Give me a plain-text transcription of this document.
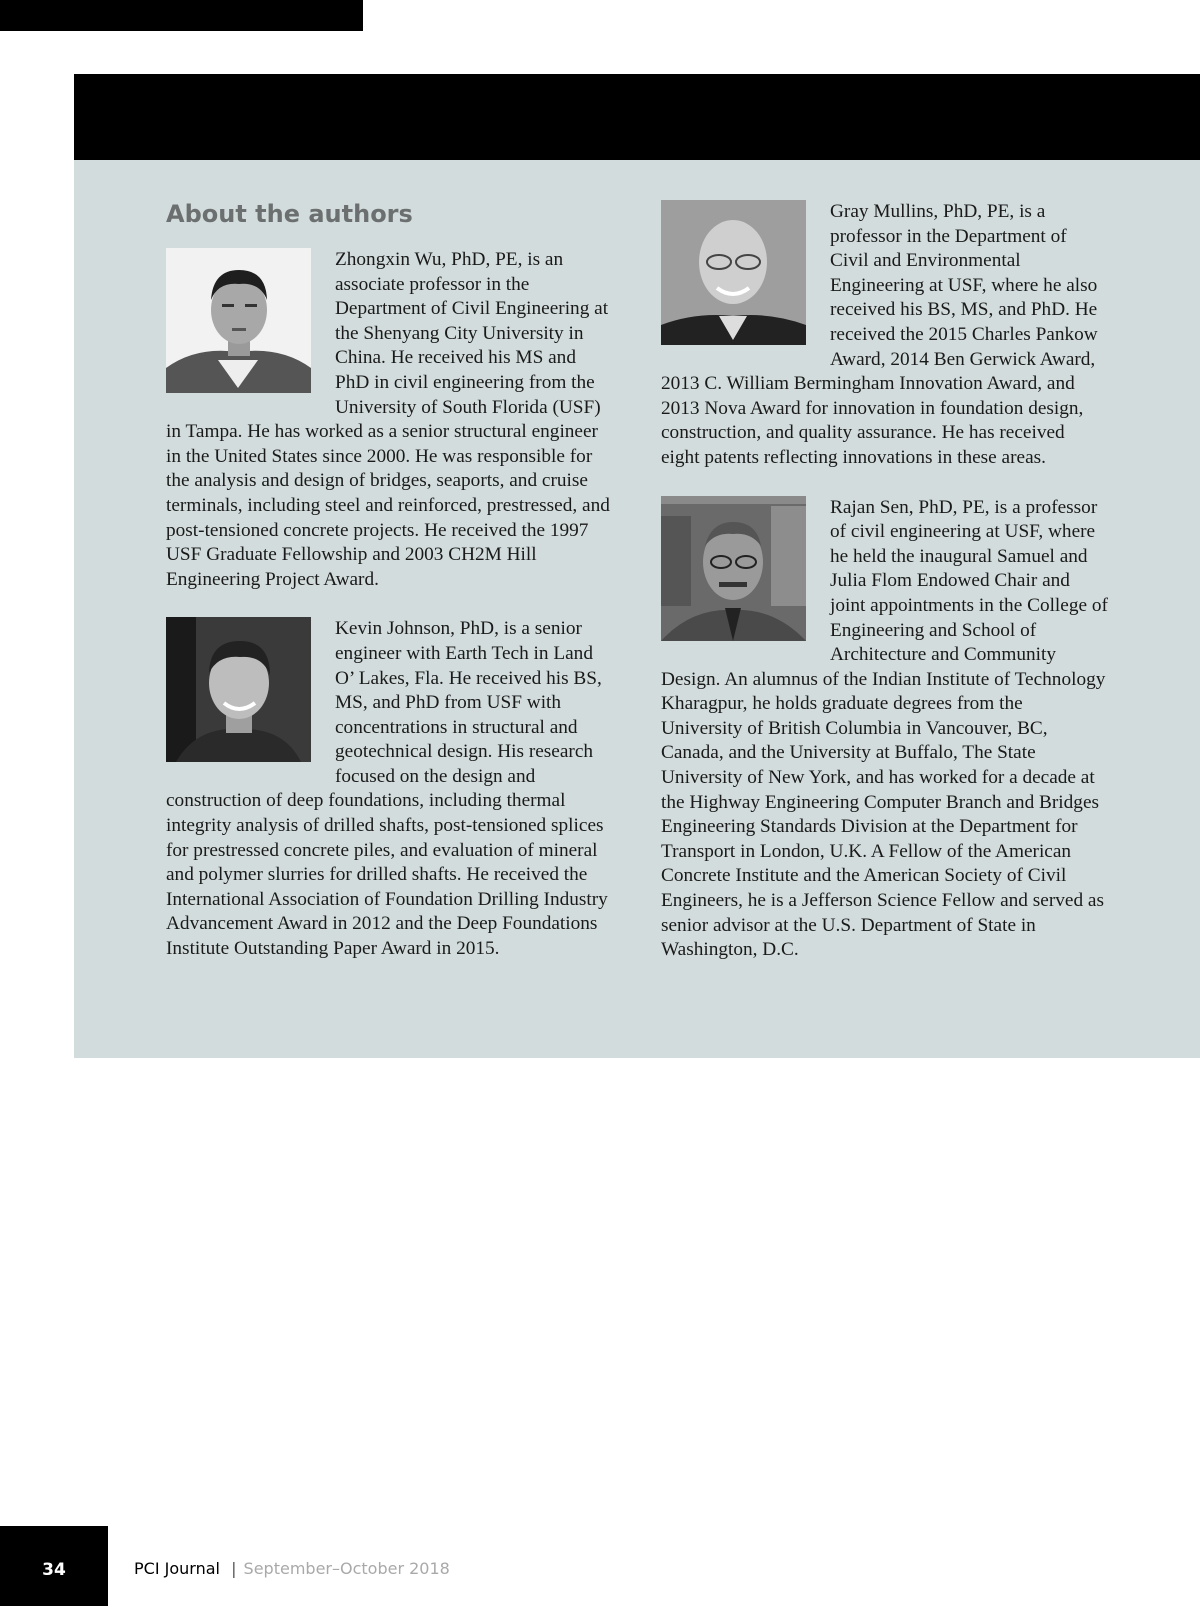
About the authors

Zhongxin Wu, PhD, PE, is an associate professor in the Department of Civil Engineering at the Shenyang City University in China. He received his MS and PhD in civil engineering from the University of South Florida (USF) in Tampa. He has worked as a senior structural engineer in the United States since 2000. He was responsible for the analysis and design of bridges, seaports, and cruise terminals, including steel and reinforced, prestressed, and post-tensioned concrete projects. He received the 1997 USF Graduate Fellowship and 2003 CH2M Hill Engineering Project Award.

Kevin Johnson, PhD, is a senior engineer with Earth Tech in Land O’ Lakes, Fla. He received his BS, MS, and PhD from USF with concentrations in structural and geotechnical design. His research focused on the design and construction of deep foundations, including thermal integrity analysis of drilled shafts, post-tensioned splices for prestressed concrete piles, and evaluation of mineral and polymer slurries for drilled shafts. He received the International Association of Foundation Drilling Industry Advancement Award in 2012 and the Deep Foundations Institute Outstanding Paper Award in 2015.

Gray Mullins, PhD, PE, is a professor in the Department of Civil and Environmental Engineering at USF, where he also received his BS, MS, and PhD. He received the 2015 Charles Pankow Award, 2014 Ben Gerwick Award, 2013 C. William Bermingham Innovation Award, and 2013 Nova Award for innovation in foundation design, construction, and quality assurance. He has received eight patents reflecting innovations in these areas.

Rajan Sen, PhD, PE, is a professor of civil engineering at USF, where he held the inaugural Samuel and Julia Flom Endowed Chair and joint appointments in the College of Engineering and School of Architecture and Community Design. An alumnus of the Indian Institute of Technology Kharagpur, he holds graduate degrees from the University of British Columbia in Vancouver, BC, Canada, and the University at Buffalo, The State University of New York, and has worked for a decade at the Highway Engineering Computer Branch and Bridges Engineering Standards Division at the Department for Transport in London, U.K. A Fellow of the American Concrete Institute and the American Society of Civil Engineers, he is a Jefferson Science Fellow and served as senior advisor at the U.S. Department of State in Washington, D.C.

34	PCI Journal | September–October 2018
